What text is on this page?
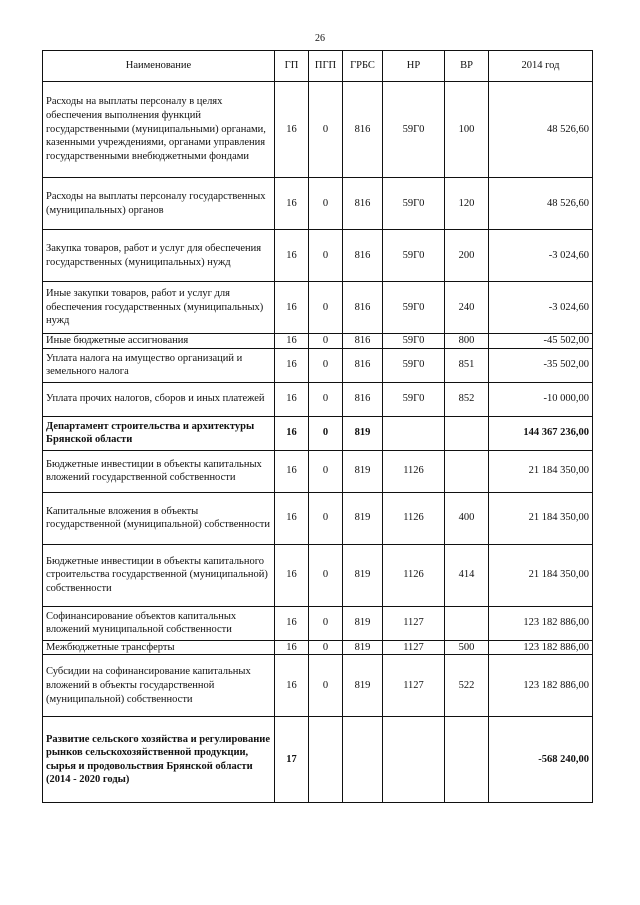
26
Наименование	ГП	ПГП	ГРБС	НР	ВР	2014 год
Расходы на выплаты персоналу в целях обеспечения выполнения функций государственными (муниципальными) органами, казенными учреждениями, органами управления государственными внебюджетными фондами	16	0	816	59Г0	100	48 526,60
Расходы на выплаты персоналу государственных (муниципальных) органов	16	0	816	59Г0	120	48 526,60
Закупка товаров, работ и услуг для обеспечения государственных (муниципальных) нужд	16	0	816	59Г0	200	-3 024,60
Иные закупки товаров, работ и услуг для обеспечения государственных (муниципальных) нужд	16	0	816	59Г0	240	-3 024,60
Иные бюджетные ассигнования	16	0	816	59Г0	800	-45 502,00
Уплата налога на имущество организаций и земельного налога	16	0	816	59Г0	851	-35 502,00
Уплата прочих налогов, сборов и иных платежей	16	0	816	59Г0	852	-10 000,00
Департамент строительства и архитектуры Брянской области	16	0	819			144 367 236,00
Бюджетные инвестиции в объекты капитальных вложений государственной собственности	16	0	819	1126		21 184 350,00
Капитальные вложения в объекты государственной (муниципальной) собственности	16	0	819	1126	400	21 184 350,00
Бюджетные инвестиции в объекты капитального строительства государственной (муниципальной) собственности	16	0	819	1126	414	21 184 350,00
Софинансирование объектов капитальных вложений муниципальной собственности	16	0	819	1127		123 182 886,00
Межбюджетные трансферты	16	0	819	1127	500	123 182 886,00
Субсидии на софинансирование капитальных вложений в объекты государственной (муниципальной) собственности	16	0	819	1127	522	123 182 886,00
Развитие сельского хозяйства и регулирование рынков сельскохозяйственной продукции, сырья и продовольствия Брянской области (2014 - 2020 годы)	17					-568 240,00
